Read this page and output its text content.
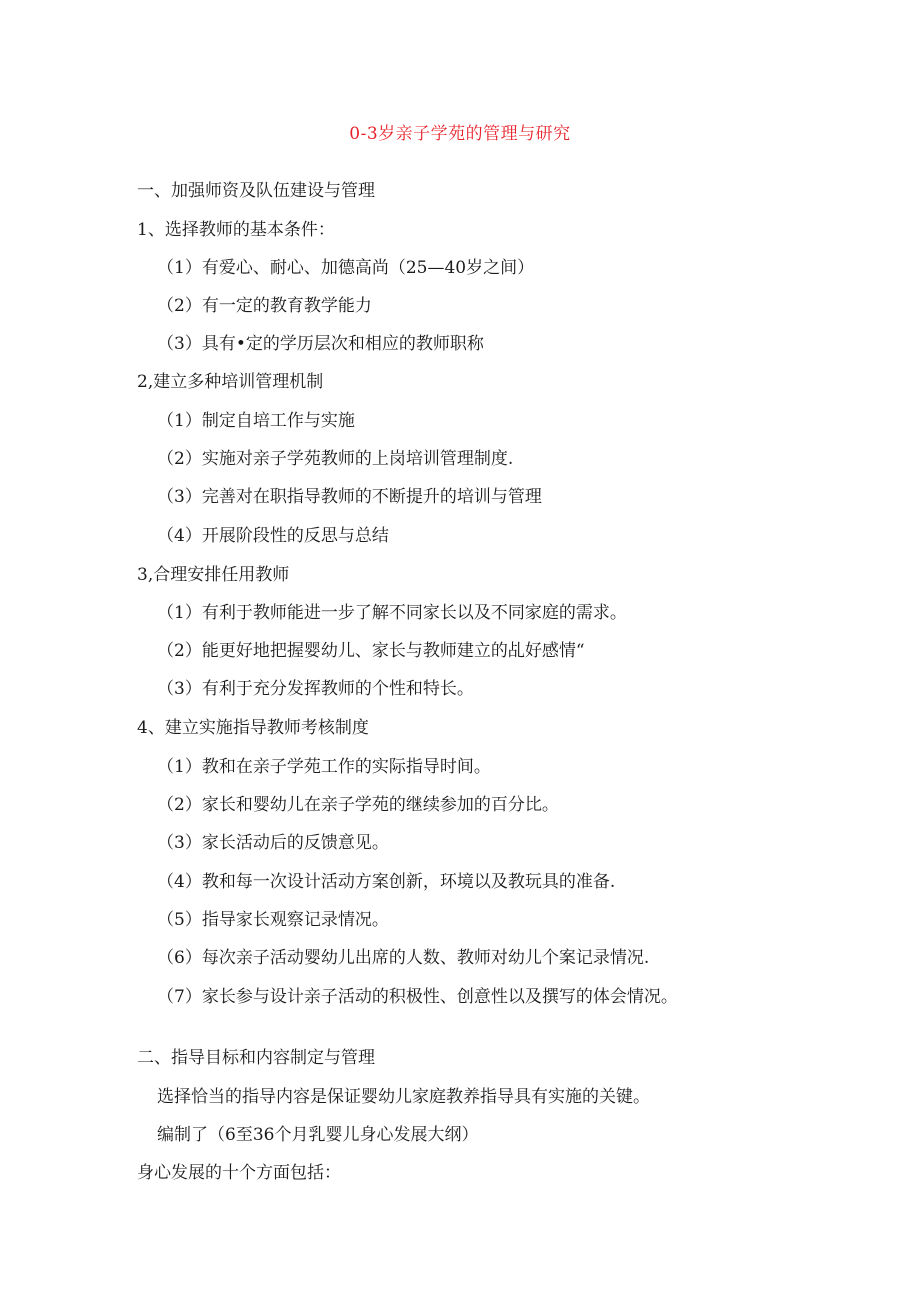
0-3岁亲子学苑的管理与研究
一、加强师资及队伍建设与管理
1、选择教师的基本条件：
（1）有爱心、耐心、加德高尚（25—40岁之间）
（2）有一定的教育教学能力
（3）具有•定的学历层次和相应的教师职称
2,建立多种培训管理机制
（1）制定自培工作与实施
（2）实施对亲子学苑教师的上岗培训管理制度.
（3）完善对在职指导教师的不断提升的培训与管理
（4）开展阶段性的反思与总结
3,合理安排任用教师
（1）有利于教师能进一步了解不同家长以及不同家庭的需求。
（2）能更好地把握婴幼儿、家长与教师建立的乩好感情“
（3）有利于充分发挥教师的个性和特长。
4、建立实施指导教师考核制度
（1）教和在亲子学苑工作的实际指导时间。
（2）家长和婴幼儿在亲子学苑的继续参加的百分比。
（3）家长活动后的反馈意见。
（4）教和每一次设计活动方案创新，环境以及教玩具的准备.
（5）指导家长观察记录情况。
（6）每次亲子活动婴幼儿出席的人数、教师对幼儿个案记录情况.
（7）家长参与设计亲子活动的积极性、创意性以及撰写的体会情况。
二、指导目标和内容制定与管理
选择恰当的指导内容是保证婴幼儿家庭教养指导具有实施的关键。
编制了（6至36个月乳婴儿身心发展大纲）
身心发展的十个方面包括：
